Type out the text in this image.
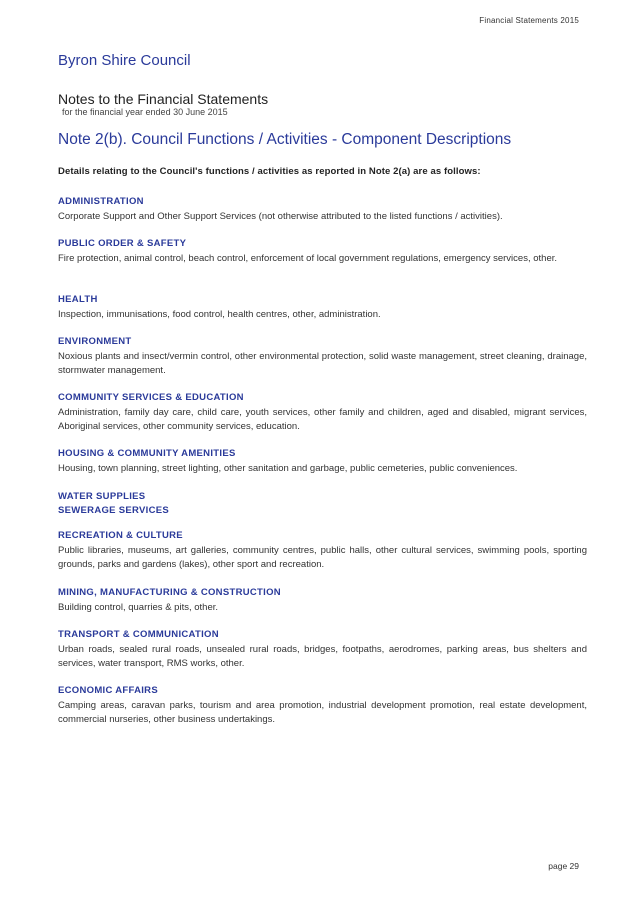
Financial Statements 2015
Byron Shire Council
Notes to the Financial Statements
for the financial year ended 30 June 2015
Note 2(b). Council Functions / Activities - Component Descriptions
Details relating to the Council's functions / activities as reported in Note 2(a) are as follows:
ADMINISTRATION
Corporate Support and Other Support Services (not otherwise attributed to the listed functions / activities).
PUBLIC ORDER & SAFETY
Fire protection, animal control, beach control, enforcement of local government regulations, emergency services, other.
HEALTH
Inspection, immunisations, food control, health centres, other, administration.
ENVIRONMENT
Noxious plants and insect/vermin control, other environmental protection, solid waste management, street cleaning, drainage, stormwater management.
COMMUNITY SERVICES & EDUCATION
Administration, family day care, child care, youth services, other family and children, aged and disabled, migrant services, Aboriginal services, other community services, education.
HOUSING & COMMUNITY AMENITIES
Housing, town planning, street lighting, other sanitation and garbage, public cemeteries, public conveniences.
WATER SUPPLIES
SEWERAGE SERVICES
RECREATION & CULTURE
Public libraries, museums, art galleries, community centres, public halls, other cultural services, swimming pools, sporting grounds, parks and gardens (lakes), other sport and recreation.
MINING, MANUFACTURING & CONSTRUCTION
Building control, quarries & pits, other.
TRANSPORT & COMMUNICATION
Urban roads, sealed rural roads, unsealed rural roads, bridges, footpaths, aerodromes, parking areas, bus shelters and services, water transport, RMS works, other.
ECONOMIC AFFAIRS
Camping areas, caravan parks, tourism and area promotion, industrial development promotion, real estate development, commercial nurseries, other business undertakings.
page 29
